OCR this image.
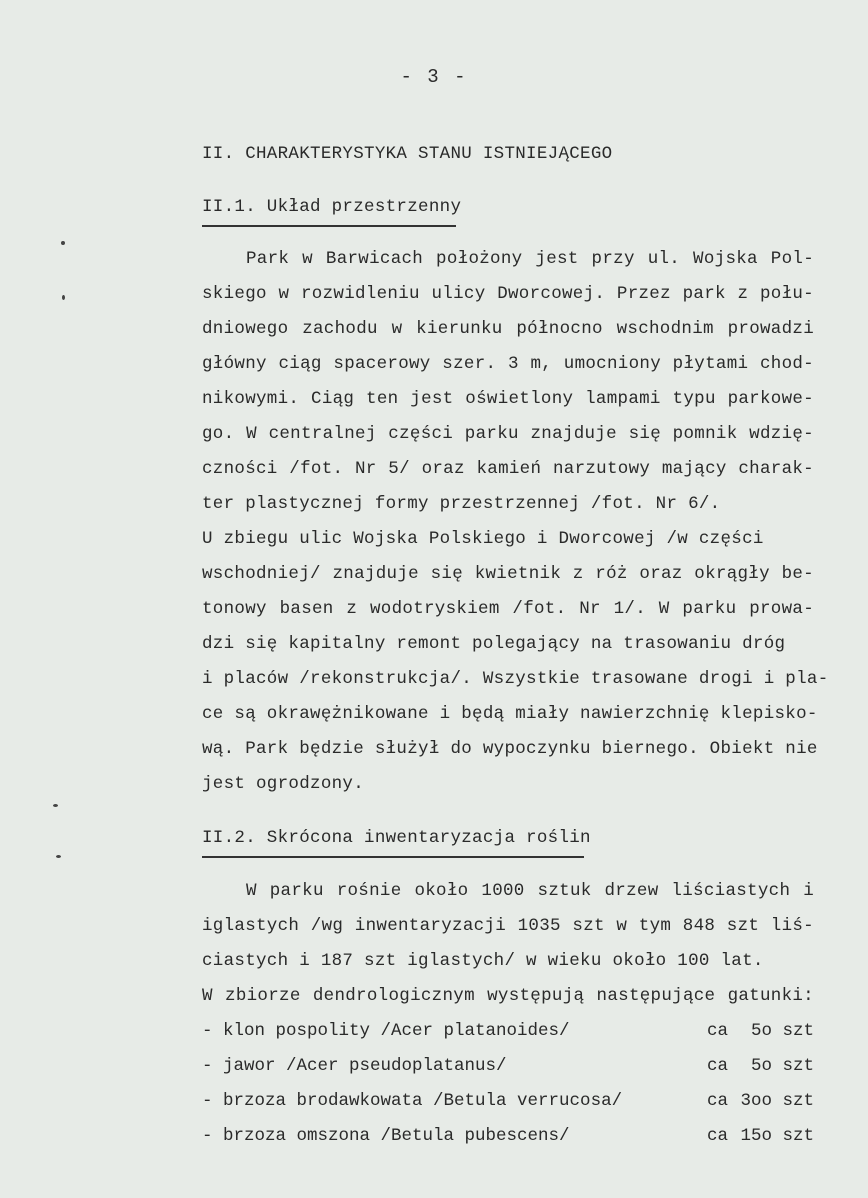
- 3 -
II. CHARAKTERYSTYKA STANU ISTNIEJĄCEGO
II.1. Układ przestrzenny
Park w Barwicach położony jest przy ul. Wojska Pol-
skiego w rozwidleniu ulicy Dworcowej. Przez park z połu-
dniowego zachodu w kierunku północno wschodnim prowadzi
główny ciąg spacerowy szer. 3 m, umocniony płytami chod-
nikowymi. Ciąg ten jest oświetlony lampami typu parkowe-
go. W centralnej części parku znajduje się pomnik wdzię-
czności /fot. Nr 5/ oraz kamień narzutowy mający charak-
ter plastycznej formy przestrzennej /fot. Nr 6/.
U zbiegu ulic Wojska Polskiego i Dworcowej /w części
wschodniej/ znajduje się kwietnik z róż oraz okrągły be-
tonowy basen z wodotryskiem /fot. Nr 1/. W parku prowa-
dzi się kapitalny remont polegający na trasowaniu dróg
i placów /rekonstrukcja/. Wszystkie trasowane drogi i pla-
ce są okrawężnikowane i będą miały nawierzchnię klepisko-
wą. Park będzie służył do wypoczynku biernego. Obiekt nie
jest ogrodzony.
II.2. Skrócona inwentaryzacja roślin
W parku rośnie około 1000 sztuk drzew liściastych i
iglastych /wg inwentaryzacji 1035 szt w tym 848 szt liś-
ciastych i 187 szt iglastych/ w wieku około 100 lat.
W zbiorze dendrologicznym występują następujące gatunki:
- klon pospolity /Acer platanoides/	ca 5o szt
- jawor /Acer pseudoplatanus/	ca 5o szt
- brzoza brodawkowata /Betula verrucosa/	ca 3oo szt
- brzoza omszona /Betula pubescens/	ca 15o szt
